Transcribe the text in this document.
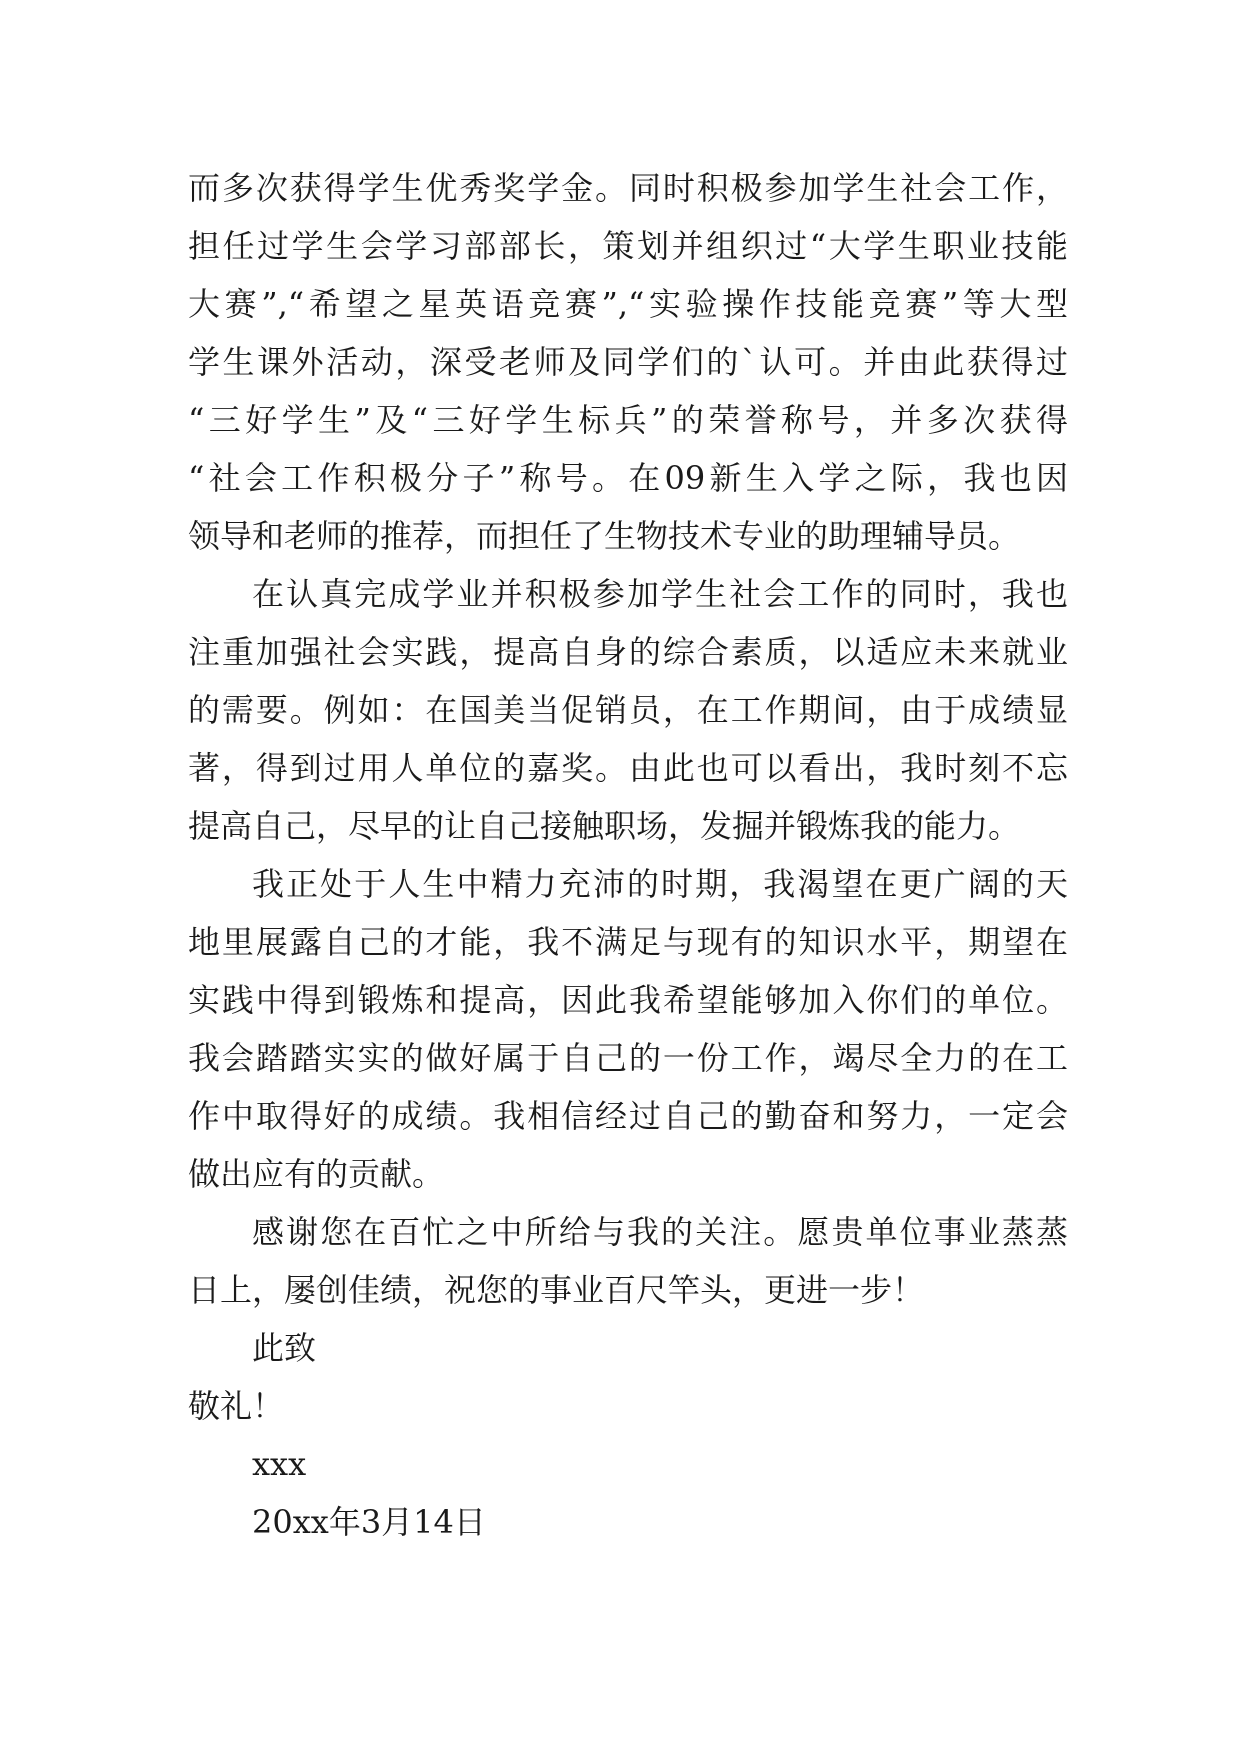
而多次获得学生优秀奖学金。同时积极参加学生社会工作，
担任过学生会学习部部长，策划并组织过“大学生职业技能
大赛”,“希望之星英语竞赛”,“实验操作技能竞赛”等大型
学生课外活动，深受老师及同学们的`认可。并由此获得过
“三好学生”及“三好学生标兵”的荣誉称号，并多次获得
“社会工作积极分子”称号。在09新生入学之际，我也因
领导和老师的推荐，而担任了生物技术专业的助理辅导员。
在认真完成学业并积极参加学生社会工作的同时，我也
注重加强社会实践，提高自身的综合素质，以适应未来就业
的需要。例如：在国美当促销员，在工作期间，由于成绩显
著，得到过用人单位的嘉奖。由此也可以看出，我时刻不忘
提高自己，尽早的让自己接触职场，发掘并锻炼我的能力。
我正处于人生中精力充沛的时期，我渴望在更广阔的天
地里展露自己的才能，我不满足与现有的知识水平，期望在
实践中得到锻炼和提高，因此我希望能够加入你们的单位。
我会踏踏实实的做好属于自己的一份工作，竭尽全力的在工
作中取得好的成绩。我相信经过自己的勤奋和努力，一定会
做出应有的贡献。
感谢您在百忙之中所给与我的关注。愿贵单位事业蒸蒸
日上，屡创佳绩，祝您的事业百尺竿头，更进一步！
此致
敬礼！
xxx
20xx年3月14日
